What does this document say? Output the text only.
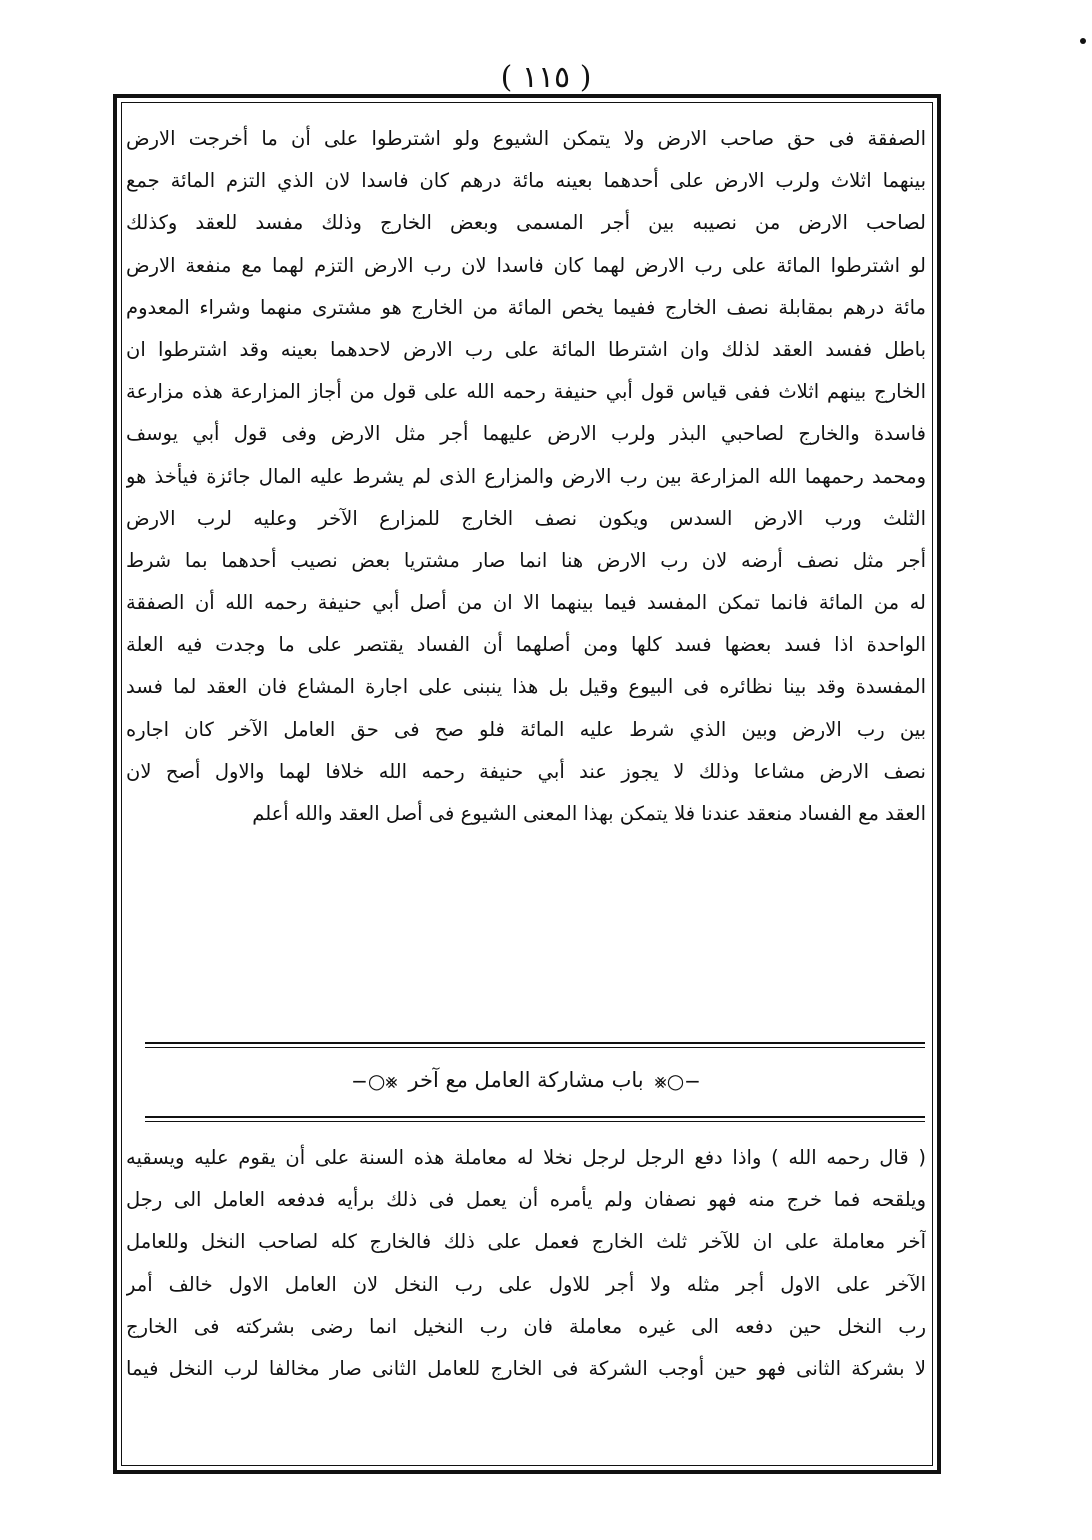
( ١١٥ )
الصفقة فى حق صاحب الارض ولا يتمكن الشيوع ولو اشترطوا على أن ما أخرجت الارض
بينهما اثلاث ولرب الارض على أحدهما بعينه مائة درهم كان فاسدا لان الذي التزم المائة جمع
لصاحب الارض من نصيبه بين أجر المسمى وبعض الخارج وذلك مفسد للعقد وكذلك
لو اشترطوا المائة على رب الارض لهما كان فاسدا لان رب الارض التزم لهما مع منفعة الارض
مائة درهم بمقابلة نصف الخارج ففيما يخص المائة من الخارج هو مشترى منهما وشراء المعدوم
باطل ففسد العقد لذلك وان اشترطا المائة على رب الارض لاحدهما بعينه وقد اشترطوا ان
الخارج بينهم اثلاث ففى قياس قول أبي حنيفة رحمه الله على قول من أجاز المزارعة هذه مزارعة
فاسدة والخارج لصاحبي البذر ولرب الارض عليهما أجر مثل الارض وفى قول أبي يوسف
ومحمد رحمهما الله المزارعة بين رب الارض والمزارع الذى لم يشرط عليه المال جائزة فيأخذ هو
الثلث ورب الارض السدس ويكون نصف الخارج للمزارع الآخر وعليه لرب الارض
أجر مثل نصف أرضه لان رب الارض هنا انما صار مشتريا بعض نصيب أحدهما بما شرط
له من المائة فانما تمكن المفسد فيما بينهما الا ان من أصل أبي حنيفة رحمه الله أن الصفقة
الواحدة اذا فسد بعضها فسد كلها ومن أصلهما أن الفساد يقتصر على ما وجدت فيه العلة
المفسدة وقد بينا نظائره فى البيوع وقيل بل هذا ينبنى على اجارة المشاع فان العقد لما فسد
بين رب الارض وبين الذي شرط عليه المائة فلو صح فى حق العامل الآخر كان اجاره
نصف الارض مشاعا وذلك لا يجوز عند أبي حنيفة رحمه الله خلافا لهما والاول أصح لان
العقد مع الفساد منعقد عندنا فلا يتمكن بهذا المعنى الشيوع فى أصل العقد والله أعلم
−○⨳ باب مشاركة العامل مع آخر ⨳○−
( قال رحمه الله ) واذا دفع الرجل لرجل نخلا له معاملة هذه السنة على أن يقوم عليه ويسقيه
ويلقحه فما خرج منه فهو نصفان ولم يأمره أن يعمل فى ذلك برأيه فدفعه العامل الى رجل
آخر معاملة على ان للآخر ثلث الخارج فعمل على ذلك فالخارج كله لصاحب النخل وللعامل
الآخر على الاول أجر مثله ولا أجر للاول على رب النخل لان العامل الاول خالف أمر
رب النخل حين دفعه الى غيره معاملة فان رب النخيل انما رضى بشركته فى الخارج
لا بشركة الثانى فهو حين أوجب الشركة فى الخارج للعامل الثانى صار مخالفا لرب النخل فيما
